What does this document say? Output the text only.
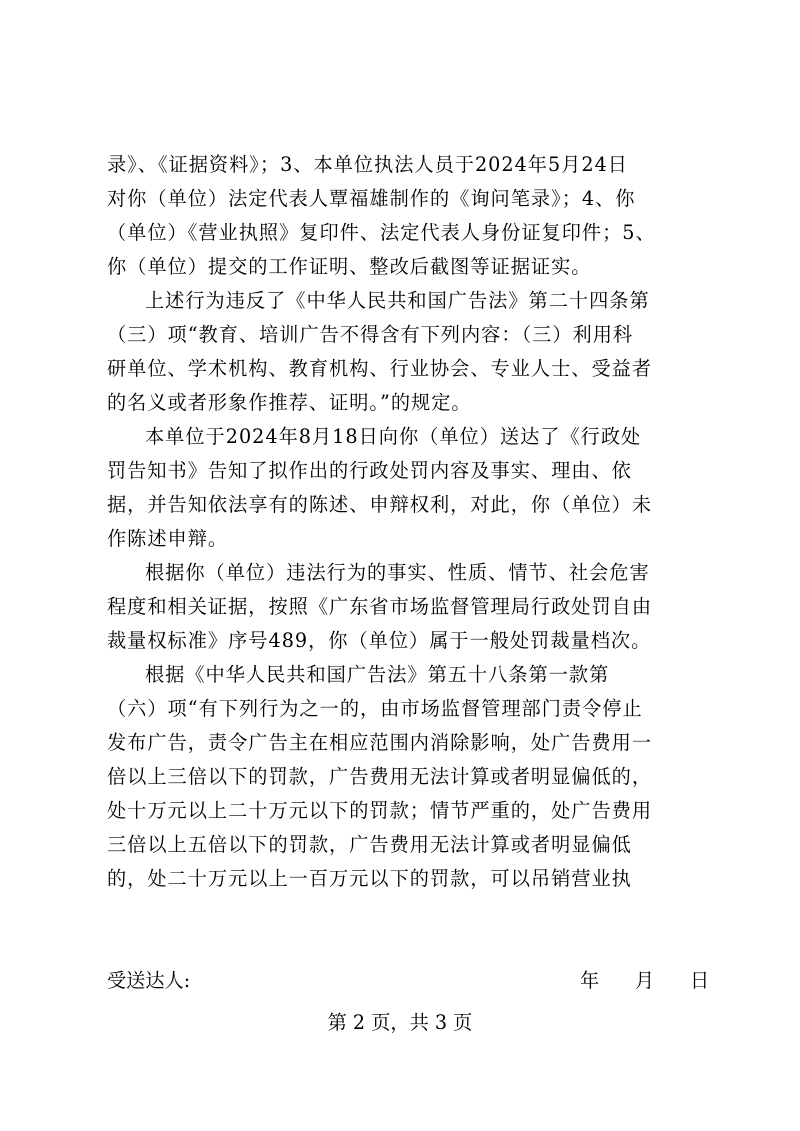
录》、《证据资料》；3、本单位执法人员于2024年5月24日
对你（单位）法定代表人覃福雄制作的《询问笔录》；4、你
（单位）《营业执照》复印件、法定代表人身份证复印件；5、
你（单位）提交的工作证明、整改后截图等证据证实。
上述行为违反了《中华人民共和国广告法》第二十四条第
（三）项“教育、培训广告不得含有下列内容：（三）利用科
研单位、学术机构、教育机构、行业协会、专业人士、受益者
的名义或者形象作推荐、证明。”的规定。
本单位于2024年8月18日向你（单位）送达了《行政处
罚告知书》告知了拟作出的行政处罚内容及事实、理由、依
据，并告知依法享有的陈述、申辩权利，对此，你（单位）未
作陈述申辩。
根据你（单位）违法行为的事实、性质、情节、社会危害
程度和相关证据，按照《广东省市场监督管理局行政处罚自由
裁量权标准》序号489，你（单位）属于一般处罚裁量档次。
根据《中华人民共和国广告法》第五十八条第一款第
（六）项“有下列行为之一的，由市场监督管理部门责令停止
发布广告，责令广告主在相应范围内消除影响，处广告费用一
倍以上三倍以下的罚款，广告费用无法计算或者明显偏低的，
处十万元以上二十万元以下的罚款；情节严重的，处广告费用
三倍以上五倍以下的罚款，广告费用无法计算或者明显偏低
的，处二十万元以上一百万元以下的罚款，可以吊销营业执
受送达人:	年 月 日
第 2 页，共 3 页
